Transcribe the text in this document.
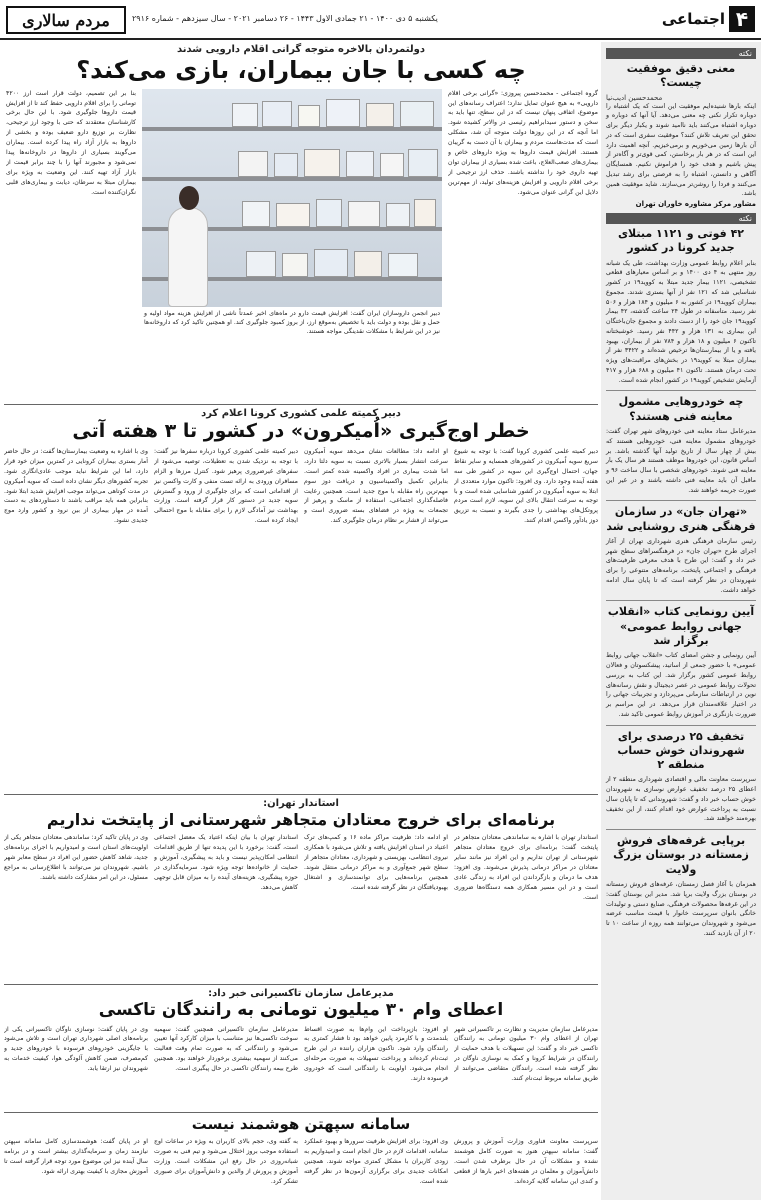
۴
اجتماعی
یکشنبه ۵ دی ۱۴۰۰ - ۲۱ جمادی الاول ۱۴۴۳ - ۲۶ دسامبر ۲۰۲۱ - سال سیزدهم - شماره ۲۹۱۶
مردم سالاری
نکته
معنی دقیق موفقیت چیست؟
محمدحسین ادیب‌نیا
اینکه بارها شنیده‌ایم موفقیت این است که یک اشتباه را دوباره تکرار نکنی چه معنی می‌دهد. آیا آنها که دوباره و دوباره اشتباه می‌کنند باید ناامید شوند و یکبار دیگر برای تحقق این تعریف تلاش کنند؟ موفقیت سفری است که در آن بارها زمین می‌خوریم و برمی‌خیزیم. آنچه اهمیت دارد این است که در هر بار برخاستن، کمی قوی‌تر و آگاه‌تر از پیش باشیم و هدف خود را فراموش نکنیم. همسایگان آگاهی و دانستن، اشتباه را به فرصتی برای رشد تبدیل می‌کنند و فردا را روشن‌تر می‌سازند. شاید موفقیت همین باشد.
مشاور مرکز مشاوره خاوران تهران
نکته
۴۲ فوتی و ۱۱۲۱ مبتلای جدید کرونا در کشور
بنابر اعلام روابط عمومی وزارت بهداشت، طی یک شبانه روز منتهی به ۴ دی ۱۴۰۰ و بر اساس معیارهای قطعی تشخیصی، ۱۱۲۱ بیمار جدید مبتلا به کووید۱۹ در کشور شناسایی شد که ۱۲۱ نفر از آنها بستری شدند. مجموع بیماران کووید۱۹ در کشور به ۶ میلیون و ۱۸۴ هزار و ۵۰۶ نفر رسید. متاسفانه در طول ۲۴ ساعت گذشته، ۴۲ بیمار کووید۱۹ جان خود را از دست دادند و مجموع جان‌باختگان این بیماری به ۱۳۱ هزار و ۴۴۲ نفر رسید. خوشبختانه تاکنون ۶ میلیون و ۱۸ هزار و ۷۸۴ نفر از بیماران، بهبود یافته و یا از بیمارستان‌ها ترخیص شده‌اند و ۳۴۲۲ نفر از بیماران مبتلا به کووید۱۹ در بخش‌های مراقبت‌های ویژه تحت درمان هستند. تاکنون ۴۱ میلیون و ۶۸۸ هزار و ۴۱۷ آزمایش تشخیص کووید۱۹ در کشور انجام شده است.
چه خودروهایی مشمول معاینه فنی هستند؟
مدیرعامل ستاد معاینه فنی خودروهای شهر تهران گفت: خودروهای مشمول معاینه فنی، خودروهایی هستند که بیش از چهار سال از تاریخ تولید آنها گذشته باشد. بر اساس قانون، این خودروها موظف هستند هر سال یک بار معاینه فنی شوند. خودروهای شخصی با سال ساخت ۹۶ و ماقبل آن باید معاینه فنی داشته باشند و در غیر این صورت جریمه خواهند شد.
«تهران جان» در سازمان فرهنگی هنری روشنایی شد
رئیس سازمان فرهنگی هنری شهرداری تهران از آغاز اجرای طرح «تهران جان» در فرهنگسراهای سطح شهر خبر داد و گفت: این طرح با هدف معرفی ظرفیت‌های فرهنگی و اجتماعی پایتخت، برنامه‌های متنوعی را برای شهروندان در نظر گرفته است که تا پایان سال ادامه خواهد داشت.
آیین رونمایی کتاب «انقلاب جهانی روابط عمومی» برگزار شد
آیین رونمایی و جشن امضای کتاب «انقلاب جهانی روابط عمومی» با حضور جمعی از اساتید، پیشکسوتان و فعالان روابط عمومی کشور برگزار شد. این کتاب به بررسی تحولات روابط عمومی در عصر دیجیتال و نقش رسانه‌های نوین در ارتباطات سازمانی می‌پردازد و تجربیات جهانی را در اختیار علاقه‌مندان قرار می‌دهد. در این مراسم بر ضرورت بازنگری در آموزش روابط عمومی تاکید شد.
تخفیف ۲۵ درصدی برای شهروندان خوش حساب منطقه ۲
سرپرست معاونت مالی و اقتصادی شهرداری منطقه ۲ از اعطای ۲۵ درصد تخفیف عوارض نوسازی به شهروندان خوش حساب خبر داد و گفت: شهروندانی که تا پایان سال نسبت به پرداخت عوارض خود اقدام کنند، از این تخفیف بهره‌مند خواهند شد.
برپایی غرفه‌های فروش زمستانه در بوستان بزرگ ولایت
همزمان با آغاز فصل زمستان، غرفه‌های فروش زمستانه در بوستان بزرگ ولایت برپا شد. مدیر این بوستان گفت: در این غرفه‌ها محصولات فرهنگی، صنایع دستی و تولیدات خانگی بانوان سرپرست خانوار با قیمت مناسب عرضه می‌شود و شهروندان می‌توانند همه روزه از ساعت ۱۰ تا ۲۰ از آن بازدید کنند.
دولتمردان بالاخره متوجه گرانی اقلام دارویی شدند
چه کسی با جان بیماران، بازی می‌کند؟
گروه اجتماعی - محمدحسین پیروزی: «گرانی برخی اقلام دارویی» به هیچ عنوان تمایل ندارد؛ اعتراف رسانه‌های این موضوع، اتفاقی پنهان نیست که در این سطح، تنها باید به سخن و دستور سیدابراهیم رئیسی در والاتر کشیده شود. اما آنچه که در این روزها دولت متوجه آن شد، مشکلی است که مدت‌هاست مردم و بیماران با آن دست به گریبان هستند. افزایش قیمت داروها به ویژه داروهای خاص و بیماری‌های صعب‌العلاج، باعث شده بسیاری از بیماران توان تهیه داروی خود را نداشته باشند. حذف ارز ترجیحی از برخی اقلام دارویی و افزایش هزینه‌های تولید، از مهم‌ترین دلایل این گرانی عنوان می‌شود.
دبیر انجمن داروسازان ایران گفت: افزایش قیمت دارو در ماه‌های اخیر عمدتاً ناشی از افزایش هزینه مواد اولیه و حمل و نقل بوده و دولت باید با تخصیص به‌موقع ارز، از بروز کمبود جلوگیری کند. او همچنین تاکید کرد که داروخانه‌ها نیز در این شرایط با مشکلات نقدینگی مواجه هستند.
بنا بر این تصمیم، دولت قرار است ارز ۴۲۰۰ تومانی را برای اقلام دارویی حفظ کند تا از افزایش قیمت داروها جلوگیری شود. با این حال برخی کارشناسان معتقدند که حتی با وجود ارز ترجیحی، نظارت بر توزیع دارو ضعیف بوده و بخشی از داروها به بازار آزاد راه پیدا کرده است. بیماران می‌گویند بسیاری از داروها در داروخانه‌ها پیدا نمی‌شود و مجبورند آنها را با چند برابر قیمت از بازار آزاد تهیه کنند. این وضعیت به ویژه برای بیماران مبتلا به سرطان، دیابت و بیماری‌های قلبی نگران‌کننده است.
دبیر کمیته علمی کشوری کرونا اعلام کرد
خطر اوج‌گیری «اُمیکرون» در کشور تا ۳ هفته آتی
دبیر کمیته علمی کشوری کرونا گفت: با توجه به شیوع سریع سویه اُمیکرون در کشورهای همسایه و سایر نقاط جهان، احتمال اوج‌گیری این سویه در کشور طی سه هفته آینده وجود دارد. وی افزود: تاکنون موارد متعددی از ابتلا به سویه اُمیکرون در کشور شناسایی شده است و با توجه به سرعت انتقال بالای این سویه، لازم است مردم پروتکل‌های بهداشتی را جدی بگیرند و نسبت به تزریق دوز یادآور واکسن اقدام کنند.
او ادامه داد: مطالعات نشان می‌دهد سویه اُمیکرون سرعت انتشار بسیار بالاتری نسبت به سویه دلتا دارد، اما شدت بیماری در افراد واکسینه شده کمتر است. بنابراین تکمیل واکسیناسیون و دریافت دوز سوم مهم‌ترین راه مقابله با موج جدید است. همچنین رعایت فاصله‌گذاری اجتماعی، استفاده از ماسک و پرهیز از تجمعات به ویژه در فضاهای بسته ضروری است و می‌تواند از فشار بر نظام درمان جلوگیری کند.
دبیر کمیته علمی کشوری کرونا درباره سفرها نیز گفت: با توجه به نزدیک شدن به تعطیلات، توصیه می‌شود از سفرهای غیرضروری پرهیز شود. کنترل مرزها و الزام مسافران ورودی به ارائه تست منفی و کارت واکسن نیز از اقداماتی است که برای جلوگیری از ورود و گسترش سویه جدید در دستور کار قرار گرفته است. وزارت بهداشت نیز آمادگی لازم را برای مقابله با موج احتمالی ایجاد کرده است.
وی با اشاره به وضعیت بیمارستان‌ها گفت: در حال حاضر آمار بستری بیماران کرونایی در کمترین میزان خود قرار دارد، اما این شرایط نباید موجب عادی‌انگاری شود. تجربه کشورهای دیگر نشان داده است که سویه اُمیکرون در مدت کوتاهی می‌تواند موجب افزایش شدید ابتلا شود. بنابراین همه باید مراقب باشند تا دستاوردهای به دست آمده در مهار بیماری از بین نرود و کشور وارد موج جدیدی نشود.
استاندار تهران:
برنامه‌ای برای خروج معتادان متجاهر شهرستانی از پایتخت نداریم
استاندار تهران با اشاره به ساماندهی معتادان متجاهر در پایتخت گفت: برنامه‌ای برای خروج معتادان متجاهر شهرستانی از تهران نداریم و این افراد نیز مانند سایر معتادان در مراکز درمانی پذیرش می‌شوند. وی افزود: هدف ما درمان و بازگرداندن این افراد به زندگی عادی است و در این مسیر همکاری همه دستگاه‌ها ضروری است.
او ادامه داد: ظرفیت مراکز ماده ۱۶ و کمپ‌های ترک اعتیاد در استان افزایش یافته و تلاش می‌شود با همکاری نیروی انتظامی، بهزیستی و شهرداری، معتادان متجاهر از سطح شهر جمع‌آوری و به مراکز درمانی منتقل شوند. همچنین برنامه‌هایی برای توانمندسازی و اشتغال بهبودیافتگان در نظر گرفته شده است.
استاندار تهران با بیان اینکه اعتیاد یک معضل اجتماعی است، گفت: برخورد با این پدیده تنها از طریق اقدامات انتظامی امکان‌پذیر نیست و باید به پیشگیری، آموزش و حمایت از خانواده‌ها توجه ویژه شود. سرمایه‌گذاری در حوزه پیشگیری، هزینه‌های آینده را به میزان قابل توجهی کاهش می‌دهد.
وی در پایان تاکید کرد: ساماندهی معتادان متجاهر یکی از اولویت‌های استان است و امیدواریم با اجرای برنامه‌های جدید، شاهد کاهش حضور این افراد در سطح معابر شهر باشیم. شهروندان نیز می‌توانند با اطلاع‌رسانی به مراجع مسئول، در این امر مشارکت داشته باشند.
مدیرعامل سازمان تاکسیرانی خبر داد:
اعطای وام ۳۰ میلیون تومانی به رانندگان تاکسی
مدیرعامل سازمان مدیریت و نظارت بر تاکسیرانی شهر تهران از اعطای وام ۳۰ میلیون تومانی به رانندگان تاکسی خبر داد و گفت: این تسهیلات با هدف حمایت از رانندگان در شرایط کرونا و کمک به نوسازی ناوگان در نظر گرفته شده است. رانندگان متقاضی می‌توانند از طریق سامانه مربوط ثبت‌نام کنند.
او افزود: بازپرداخت این وام‌ها به صورت اقساط بلندمدت و با کارمزد پایین خواهد بود تا فشار کمتری به رانندگان وارد شود. تاکنون هزاران راننده در این طرح ثبت‌نام کرده‌اند و پرداخت تسهیلات به صورت مرحله‌ای انجام می‌شود. اولویت با رانندگانی است که خودروی فرسوده دارند.
مدیرعامل سازمان تاکسیرانی همچنین گفت: سهمیه سوخت تاکسی‌ها نیز متناسب با میزان کارکرد آنها تعیین می‌شود و رانندگانی که به صورت تمام وقت فعالیت می‌کنند از سهمیه بیشتری برخوردار خواهند بود. همچنین طرح بیمه رانندگان تاکسی در حال پیگیری است.
وی در پایان گفت: نوسازی ناوگان تاکسیرانی یکی از برنامه‌های اصلی شهرداری تهران است و تلاش می‌شود با جایگزینی خودروهای فرسوده با خودروهای جدید و کم‌مصرف، ضمن کاهش آلودگی هوا، کیفیت خدمات به شهروندان نیز ارتقا یابد.
سامانه سپهتن هوشمند نیست
سرپرست معاونت فناوری وزارت آموزش و پرورش گفت: سامانه سپهتن هنوز به صورت کامل هوشمند نشده و مشکلات آن در حال برطرف شدن است. دانش‌آموزان و معلمان در هفته‌های اخیر بارها از قطعی و کندی این سامانه گلایه کرده‌اند.
وی افزود: برای افزایش ظرفیت سرورها و بهبود عملکرد سامانه، اقدامات لازم در حال انجام است و امیدواریم به زودی کاربران با مشکل کمتری مواجه شوند. همچنین امکانات جدیدی برای برگزاری آزمون‌ها در نظر گرفته شده است.
به گفته وی، حجم بالای کاربران به ویژه در ساعات اوج استفاده موجب بروز اختلال می‌شود و تیم فنی به صورت شبانه‌روزی در حال رفع این مشکلات است. وزارت آموزش و پرورش از والدین و دانش‌آموزان برای صبوری تشکر کرد.
او در پایان گفت: هوشمندسازی کامل سامانه سپهتن نیازمند زمان و سرمایه‌گذاری بیشتر است و در برنامه سال آینده نیز این موضوع مورد توجه قرار گرفته است تا آموزش مجازی با کیفیت بهتری ارائه شود.
